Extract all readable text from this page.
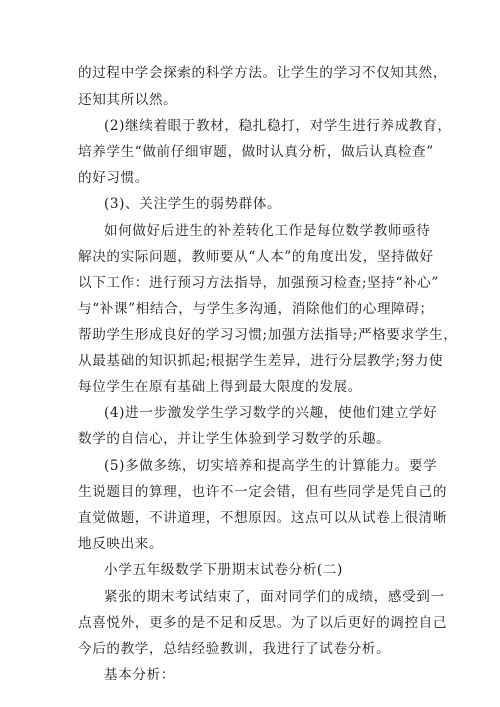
的过程中学会探索的科学方法。让学生的学习不仅知其然，
还知其所以然。
(2)继续着眼于教材，稳扎稳打，对学生进行养成教育，
培养学生“做前仔细审题，做时认真分析，做后认真检查”
的好习惯。
(3)、关注学生的弱势群体。
如何做好后进生的补差转化工作是每位数学教师亟待
解决的实际问题，教师要从“人本”的角度出发，坚持做好
以下工作：进行预习方法指导，加强预习检查;坚持“补心”
与“补课”相结合，与学生多沟通，消除他们的心理障碍；
帮助学生形成良好的学习习惯;加强方法指导;严格要求学生，
从最基础的知识抓起;根据学生差异，进行分层教学;努力使
每位学生在原有基础上得到最大限度的发展。
(4)进一步激发学生学习数学的兴趣，使他们建立学好
数学的自信心，并让学生体验到学习数学的乐趣。
(5)多做多练，切实培养和提高学生的计算能力。要学
生说题目的算理，也许不一定会错，但有些同学是凭自己的
直觉做题，不讲道理，不想原因。这点可以从试卷上很清晰
地反映出来。
小学五年级数学下册期末试卷分析(二)
紧张的期末考试结束了，面对同学们的成绩，感受到一
点喜悦外，更多的是不足和反思。为了以后更好的调控自己
今后的教学，总结经验教训，我进行了试卷分析。
基本分析：
